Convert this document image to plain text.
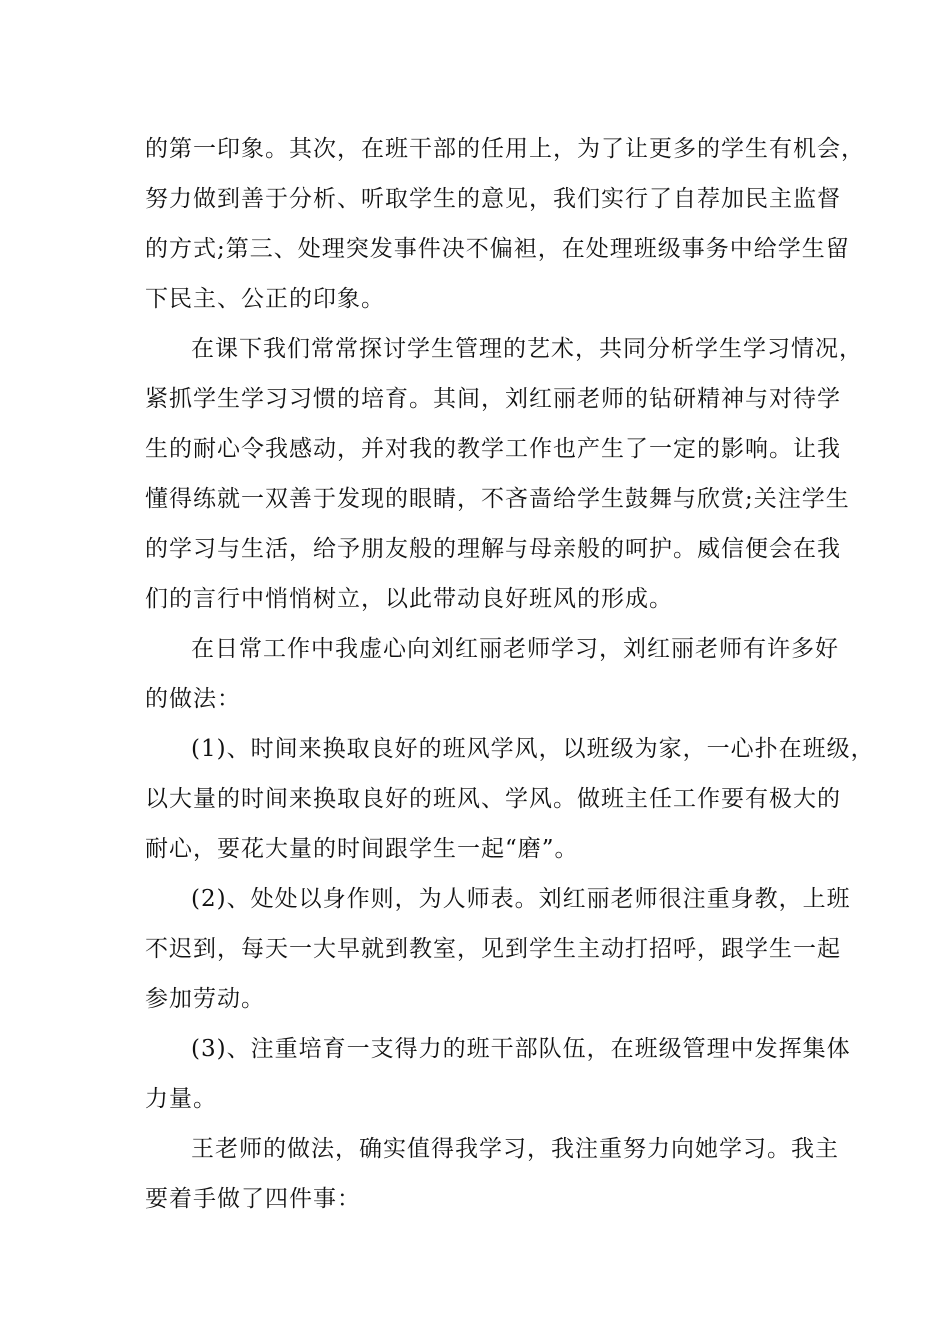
的第一印象。其次，在班干部的任用上，为了让更多的学生有机会，
努力做到善于分析、听取学生的意见，我们实行了自荐加民主监督
的方式;第三、处理突发事件决不偏袒，在处理班级事务中给学生留
下民主、公正的印象。
在课下我们常常探讨学生管理的艺术，共同分析学生学习情况，
紧抓学生学习习惯的培育。其间，刘红丽老师的钻研精神与对待学
生的耐心令我感动，并对我的教学工作也产生了一定的影响。让我
懂得练就一双善于发现的眼睛，不吝啬给学生鼓舞与欣赏;关注学生
的学习与生活，给予朋友般的理解与母亲般的呵护。威信便会在我
们的言行中悄悄树立，以此带动良好班风的形成。
在日常工作中我虚心向刘红丽老师学习，刘红丽老师有许多好
的做法：
(1)、时间来换取良好的班风学风，以班级为家，一心扑在班级，
以大量的时间来换取良好的班风、学风。做班主任工作要有极大的
耐心，要花大量的时间跟学生一起“磨”。
(2)、处处以身作则，为人师表。刘红丽老师很注重身教，上班
不迟到，每天一大早就到教室，见到学生主动打招呼，跟学生一起
参加劳动。
(3)、注重培育一支得力的班干部队伍，在班级管理中发挥集体
力量。
王老师的做法，确实值得我学习，我注重努力向她学习。我主
要着手做了四件事：
